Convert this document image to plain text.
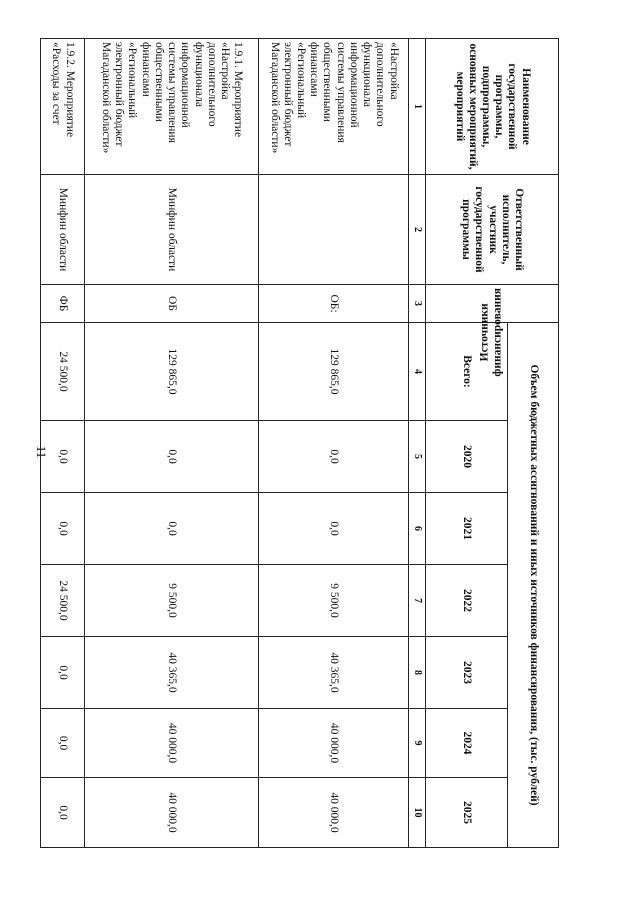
11
Наименование государственной программы, подпрограммы, основных мероприятий, мероприятий	Ответственный исполнитель, участник государственной программы	Источники финансирования	Объем бюджетных ассигнований и иных источников финансирования, (тыс. рублей)						
			Всего:	2020	2021	2022	2023	2024	2025
1	2	3	4	5	6	7	8	9	10
«Настройка дополнительного функционала информационной системы управления общественными финансами «Региональный электронный бюджет Магаданской области»		ОБ:	129 865,0	0,0	0,0	9 500,0	40 365,0	40 000,0	40 000,0
1.9.1. Мероприятие «Настройка дополнительного функционала информационной системы управления общественными финансами «Региональный электронный бюджет Магаданской области»	Минфин области	ОБ	129 865,0	0,0	0,0	9 500,0	40 365,0	40 000,0	40 000,0
1.9.2. Мероприятие «Расходы за счет	Минфин области	ФБ	24 500,0	0,0	0,0	24 500,0	0,0	0,0	0,0
